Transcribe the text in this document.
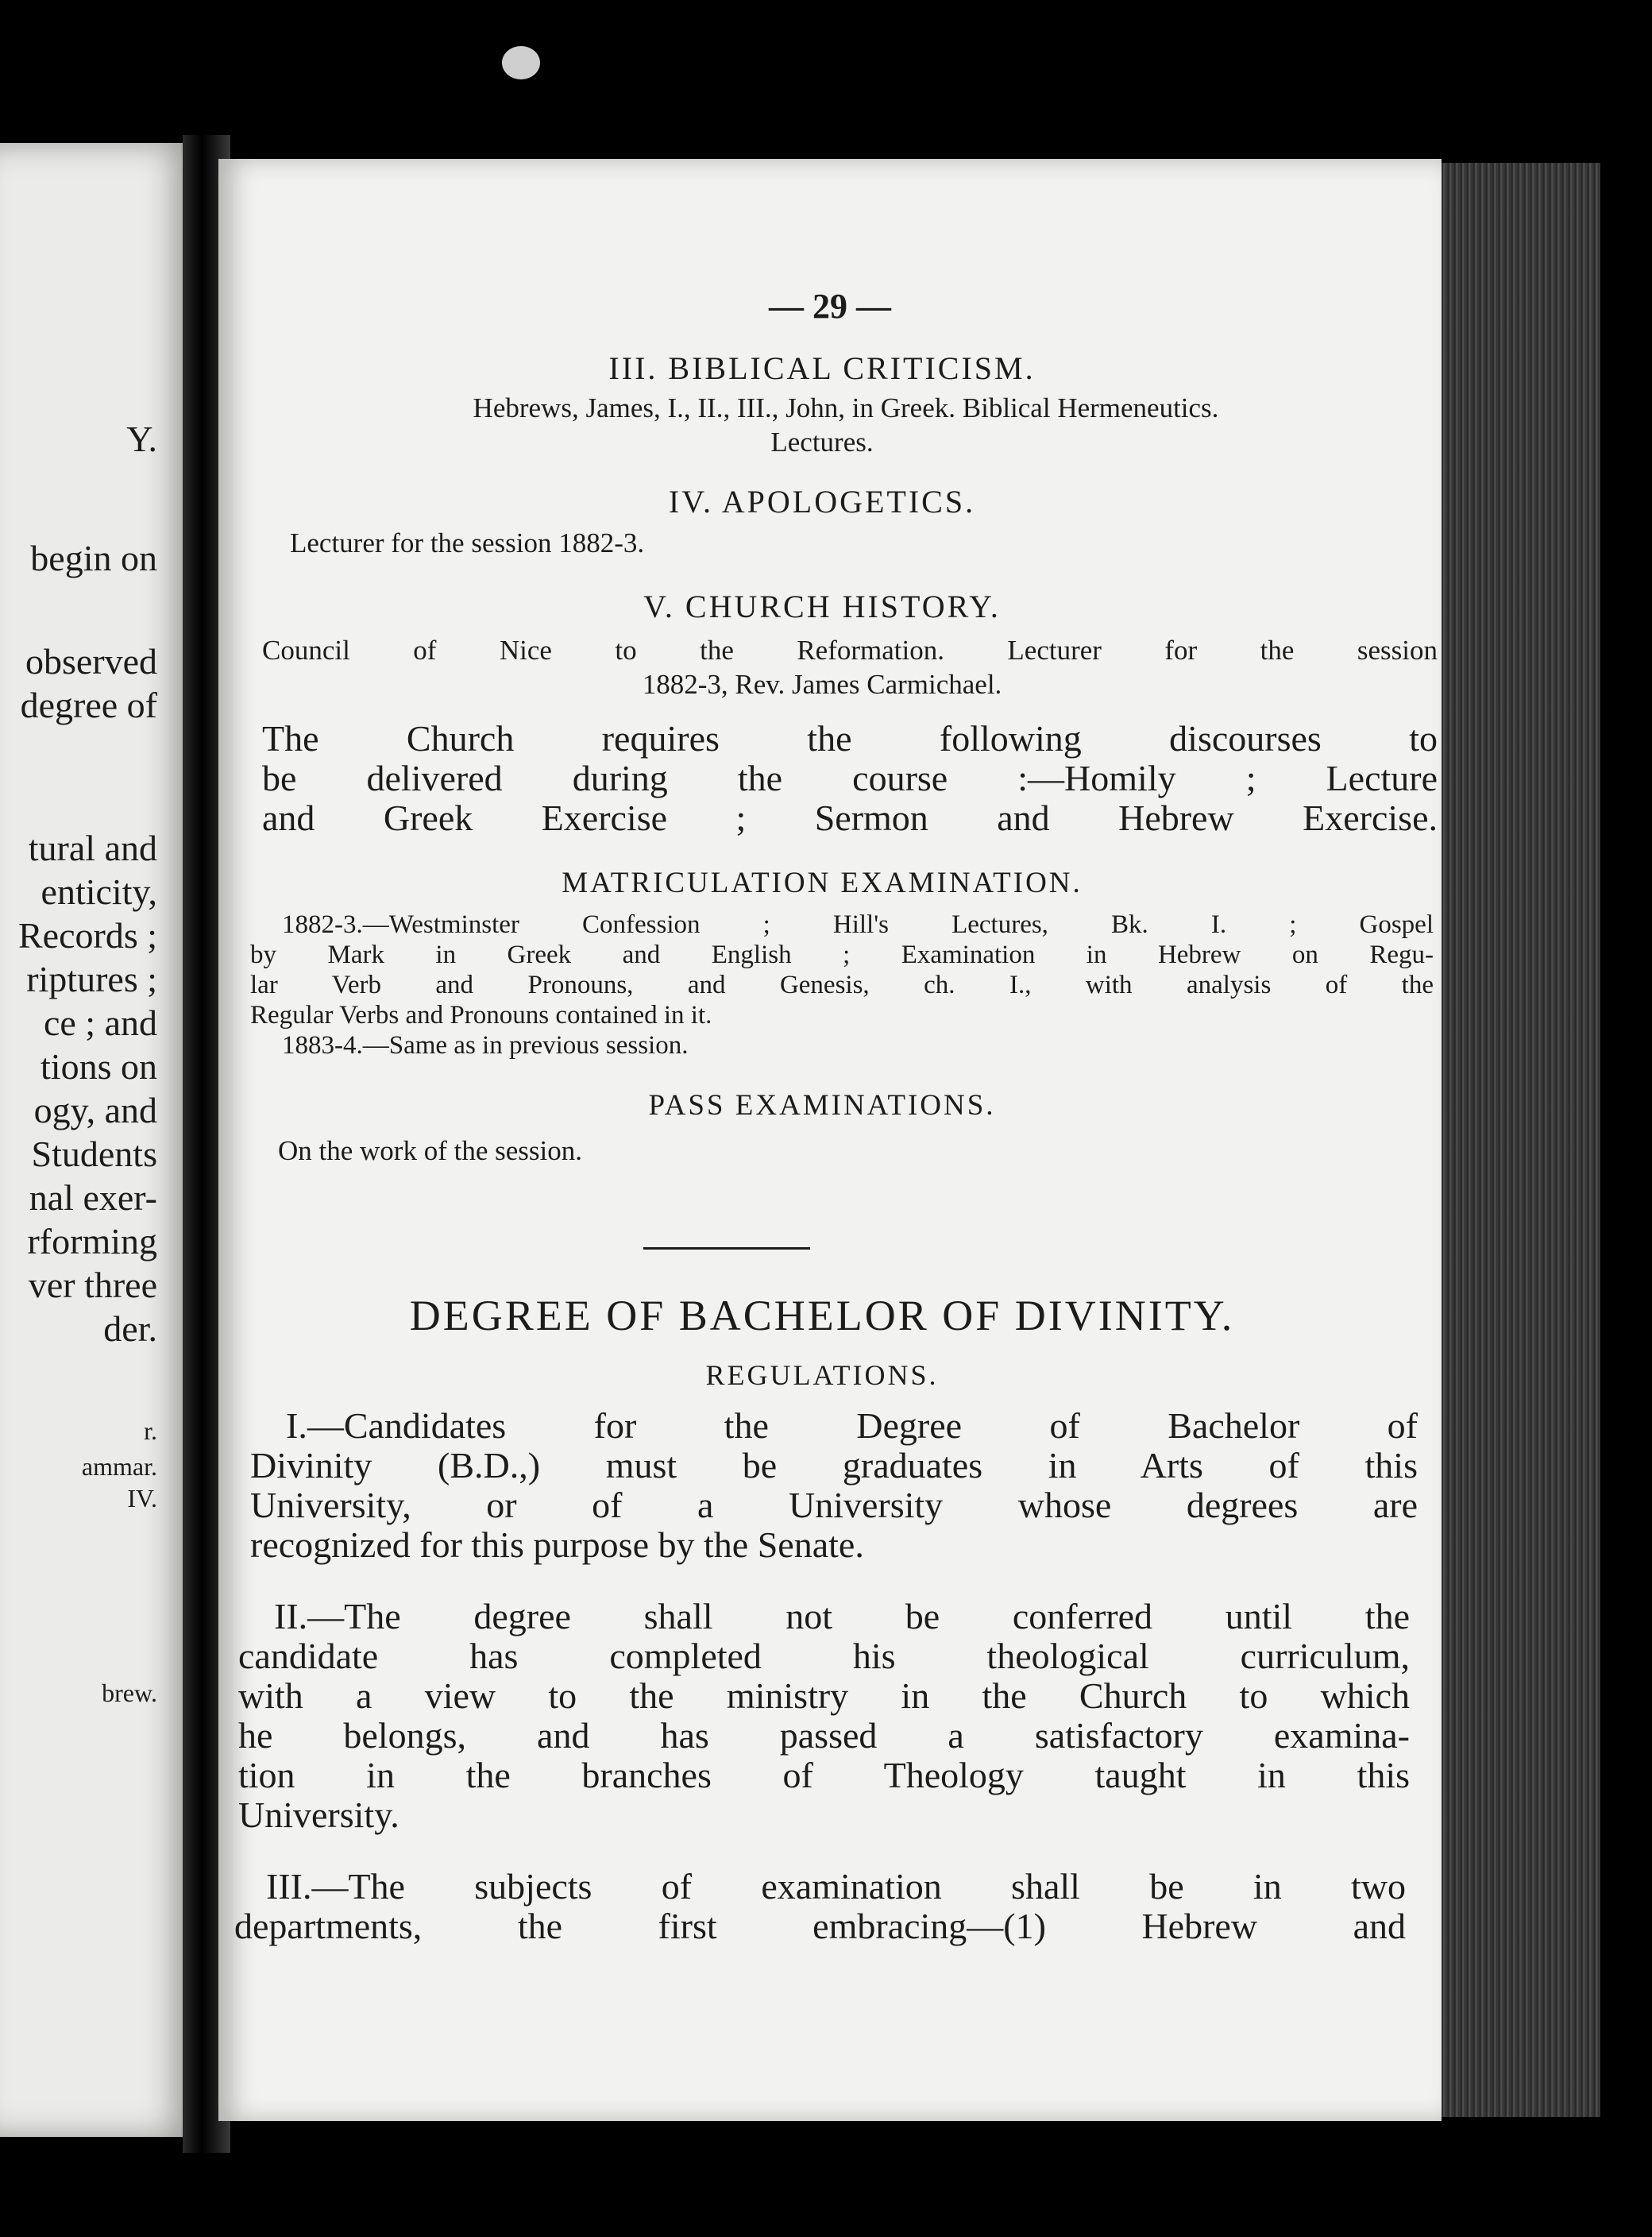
Y.
begin on
observed
degree of
tural and
enticity,
Records ;
riptures ;
ce ; and
tions on
ogy, and
Students
nal exer-
rforming
ver three
der.
r.
ammar.
IV.
brew.
— 29 —
III. BIBLICAL CRITICISM.
Hebrews, James, I., II., III., John, in Greek. Biblical Hermeneutics.
Lectures.
IV. APOLOGETICS.
Lecturer for the session 1882-3.
V. CHURCH HISTORY.
Council of Nice to the Reformation. Lecturer for the session
1882-3, Rev. James Carmichael.
The Church requires the following discourses to
be delivered during the course :—Homily ; Lecture
and Greek Exercise ; Sermon and Hebrew Exercise.
MATRICULATION EXAMINATION.
1882-3.—Westminster Confession ; Hill's Lectures, Bk. I. ; Gospel
by Mark in Greek and English ; Examination in Hebrew on Regu-
lar Verb and Pronouns, and Genesis, ch. I., with analysis of the
Regular Verbs and Pronouns contained in it.
1883-4.—Same as in previous session.
PASS EXAMINATIONS.
On the work of the session.
DEGREE OF BACHELOR OF DIVINITY.
REGULATIONS.
I.—Candidates for the Degree of Bachelor of
Divinity (B.D.,) must be graduates in Arts of this
University, or of a University whose degrees are
recognized for this purpose by the Senate.
II.—The degree shall not be conferred until the
candidate has completed his theological curriculum,
with a view to the ministry in the Church to which
he belongs, and has passed a satisfactory examina-
tion in the branches of Theology taught in this
University.
III.—The subjects of examination shall be in two
departments, the first embracing—(1) Hebrew and
